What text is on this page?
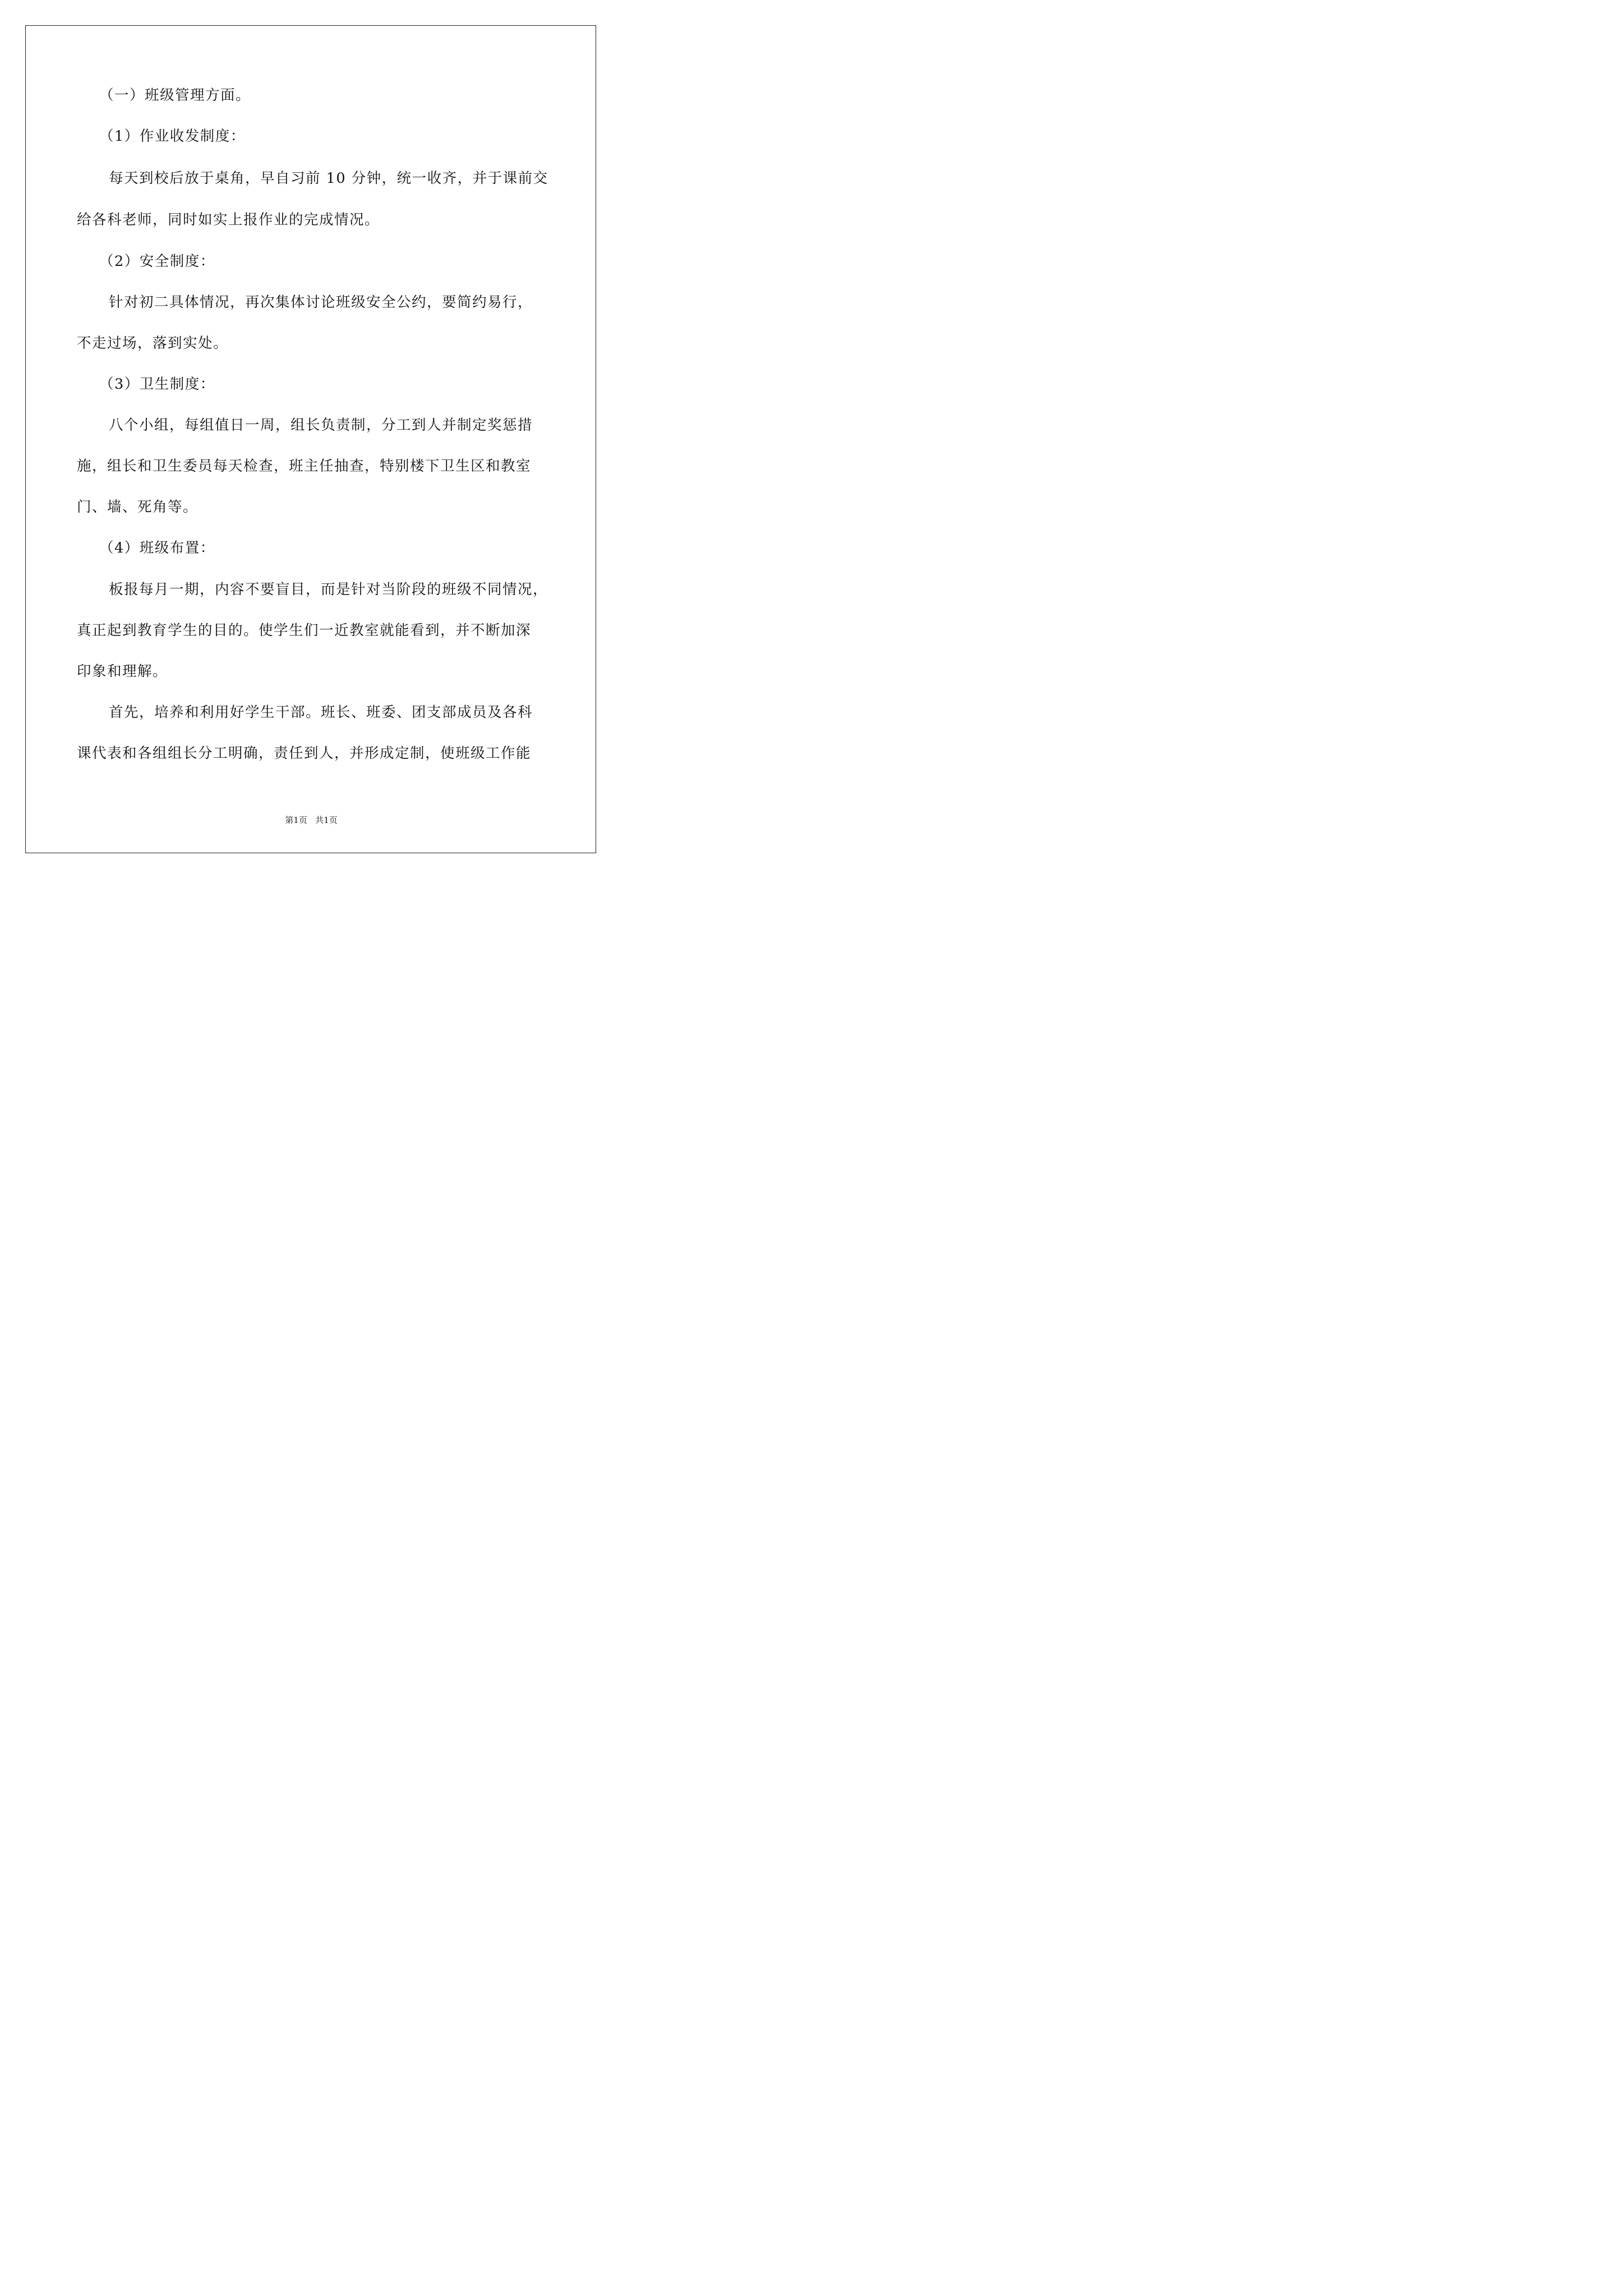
（一）班级管理方面。
（1）作业收发制度：
每天到校后放于桌角，早自习前 10 分钟，统一收齐，并于课前交
给各科老师，同时如实上报作业的完成情况。
（2）安全制度：
针对初二具体情况，再次集体讨论班级安全公约，要简约易行，
不走过场，落到实处。
（3）卫生制度：
八个小组，每组值日一周，组长负责制，分工到人并制定奖惩措
施，组长和卫生委员每天检查，班主任抽查，特别楼下卫生区和教室
门、墙、死角等。
（4）班级布置：
板报每月一期，内容不要盲目，而是针对当阶段的班级不同情况，
真正起到教育学生的目的。使学生们一近教室就能看到，并不断加深
印象和理解。
首先，培养和利用好学生干部。班长、班委、团支部成员及各科
课代表和各组组长分工明确，责任到人，并形成定制，使班级工作能
第1页   共1页
